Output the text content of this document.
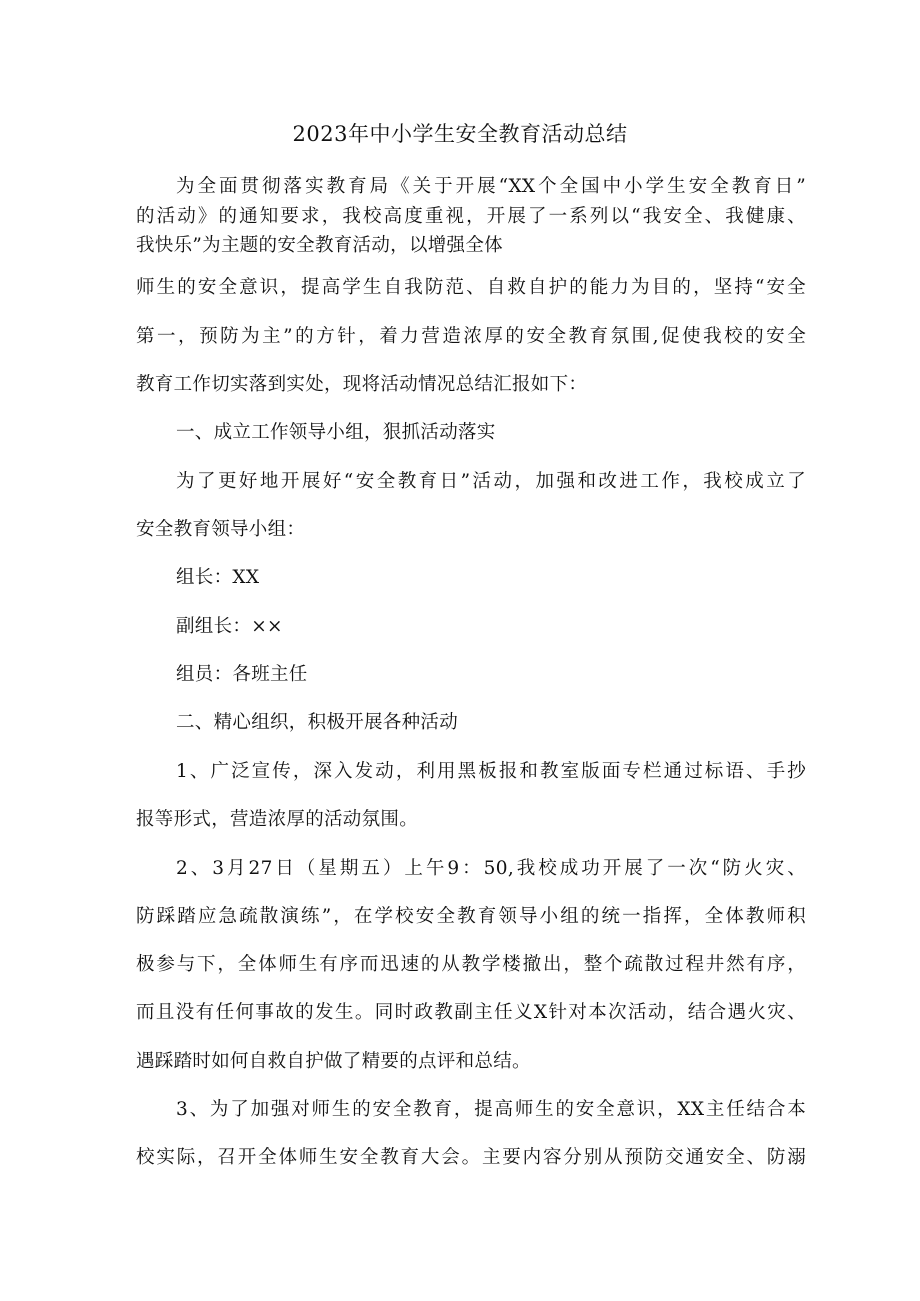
2023年中小学生安全教育活动总结
为全面贯彻落实教育局《关于开展“XX个全国中小学生安全教育日”
的活动》的通知要求，我校高度重视，开展了一系列以“我安全、我健康、
我快乐”为主题的安全教育活动，以增强全体
师生的安全意识，提高学生自我防范、自救自护的能力为目的，坚持“安全
第一，预防为主”的方针，着力营造浓厚的安全教育氛围,促使我校的安全
教育工作切实落到实处，现将活动情况总结汇报如下：
一、成立工作领导小组，狠抓活动落实
为了更好地开展好“安全教育日”活动，加强和改进工作，我校成立了
安全教育领导小组：
组长：XX
副组长：××
组员：各班主任
二、精心组织，积极开展各种活动
1、广泛宣传，深入发动，利用黑板报和教室版面专栏通过标语、手抄
报等形式，营造浓厚的活动氛围。
2、3月27日（星期五）上午9：50,我校成功开展了一次“防火灾、
防踩踏应急疏散演练”，在学校安全教育领导小组的统一指挥，全体教师积
极参与下，全体师生有序而迅速的从教学楼撤出，整个疏散过程井然有序，
而且没有任何事故的发生。同时政教副主任义X针对本次活动，结合遇火灾、
遇踩踏时如何自救自护做了精要的点评和总结。
3、为了加强对师生的安全教育，提高师生的安全意识，XX主任结合本
校实际，召开全体师生安全教育大会。主要内容分别从预防交通安全、防溺
